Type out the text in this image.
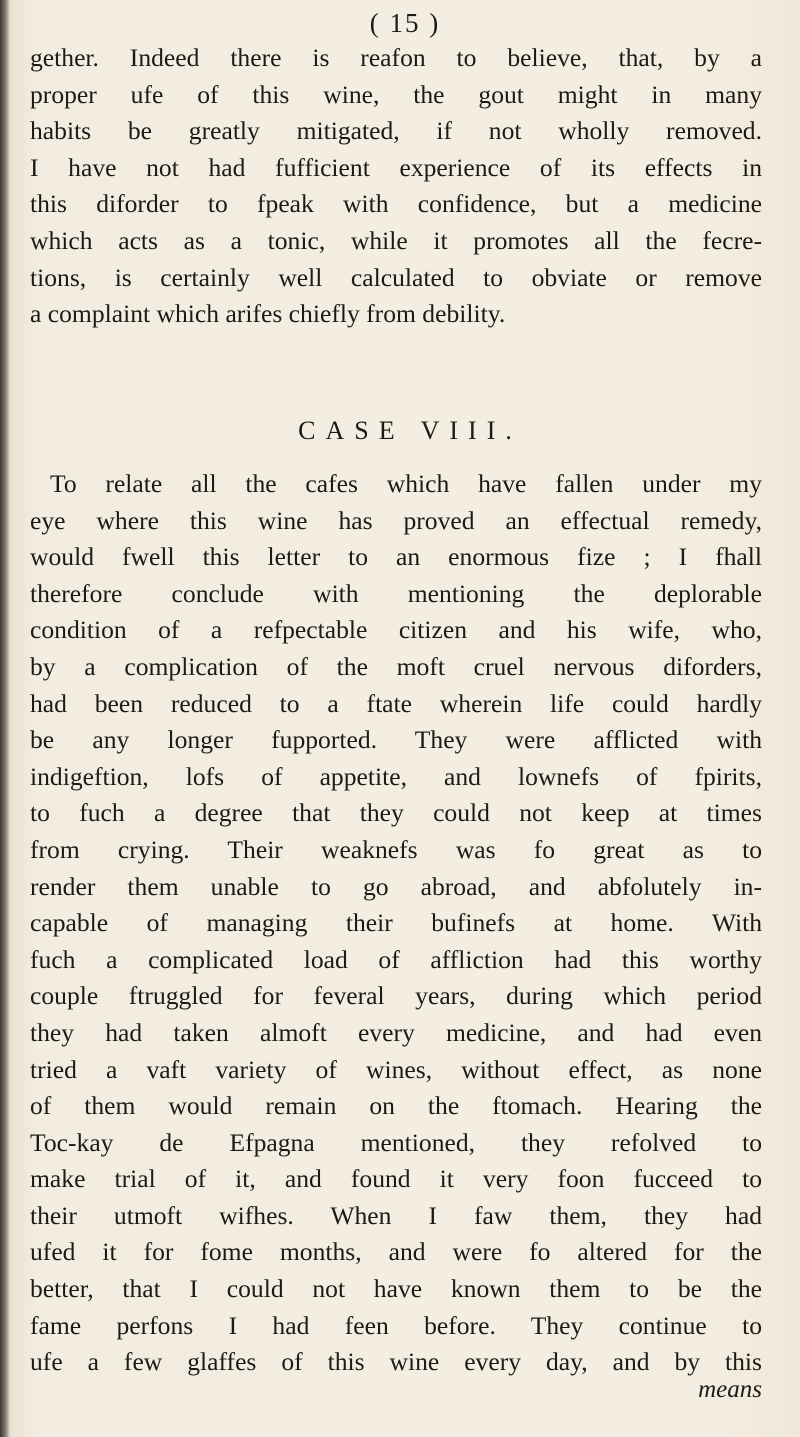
( 15 )
gether. Indeed there is reafon to believe, that, by a
proper ufe of this wine, the gout might in many
habits be greatly mitigated, if not wholly removed.
I have not had fufficient experience of its effects in
this diforder to fpeak with confidence, but a medicine
which acts as a tonic, while it promotes all the fecre-
tions, is certainly well calculated to obviate or remove
a complaint which arifes chiefly from debility.
CASE VIII.
To relate all the cafes which have fallen under my
eye where this wine has proved an effectual remedy,
would fwell this letter to an enormous fize ; I fhall
therefore conclude with mentioning the deplorable
condition of a refpectable citizen and his wife, who,
by a complication of the moft cruel nervous diforders,
had been reduced to a ftate wherein life could hardly
be any longer fupported. They were afflicted with
indigeftion, lofs of appetite, and lownefs of fpirits,
to fuch a degree that they could not keep at times
from crying. Their weaknefs was fo great as to
render them unable to go abroad, and abfolutely in-
capable of managing their bufinefs at home. With
fuch a complicated load of affliction had this worthy
couple ftruggled for feveral years, during which period
they had taken almoft every medicine, and had even
tried a vaft variety of wines, without effect, as none
of them would remain on the ftomach. Hearing the
Toc-kay de Efpagna mentioned, they refolved to
make trial of it, and found it very foon fucceed to
their utmoft wifhes. When I faw them, they had
ufed it for fome months, and were fo altered for the
better, that I could not have known them to be the
fame perfons I had feen before. They continue to
ufe a few glaffes of this wine every day, and by this
means
